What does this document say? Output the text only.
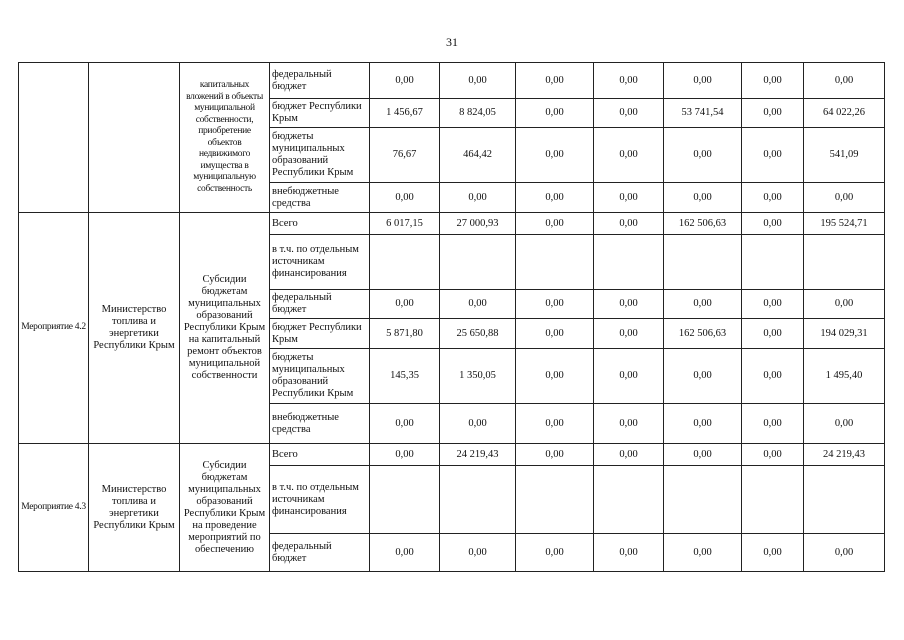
31
		капитальных вложений в объекты муниципальной собственности, приобретение объектов недвижимого имущества в муниципальную собственность	федеральный бюджет	0,00	0,00	0,00	0,00	0,00	0,00	0,00
			бюджет Республики Крым	1 456,67	8 824,05	0,00	0,00	53 741,54	0,00	64 022,26
			бюджеты муниципальных образований Республики Крым	76,67	464,42	0,00	0,00	0,00	0,00	541,09
			внебюджетные средства	0,00	0,00	0,00	0,00	0,00	0,00	0,00
Мероприятие 4.2	Министерство топлива и энергетики Республики Крым	Субсидии бюджетам муниципальных образований Республики Крым на капитальный ремонт объектов муниципальной собственности	Всего	6 017,15	27 000,93	0,00	0,00	162 506,63	0,00	195 524,71
			в т.ч. по отдельным источникам финансирования							
			федеральный бюджет	0,00	0,00	0,00	0,00	0,00	0,00	0,00
			бюджет Республики Крым	5 871,80	25 650,88	0,00	0,00	162 506,63	0,00	194 029,31
			бюджеты муниципальных образований Республики Крым	145,35	1 350,05	0,00	0,00	0,00	0,00	1 495,40
			внебюджетные средства	0,00	0,00	0,00	0,00	0,00	0,00	0,00
Мероприятие 4.3	Министерство топлива и энергетики Республики Крым	Субсидии бюджетам муниципальных образований Республики Крым на проведение мероприятий по обеспечению	Всего	0,00	24 219,43	0,00	0,00	0,00	0,00	24 219,43
			в т.ч. по отдельным источникам финансирования							
			федеральный бюджет	0,00	0,00	0,00	0,00	0,00	0,00	0,00
